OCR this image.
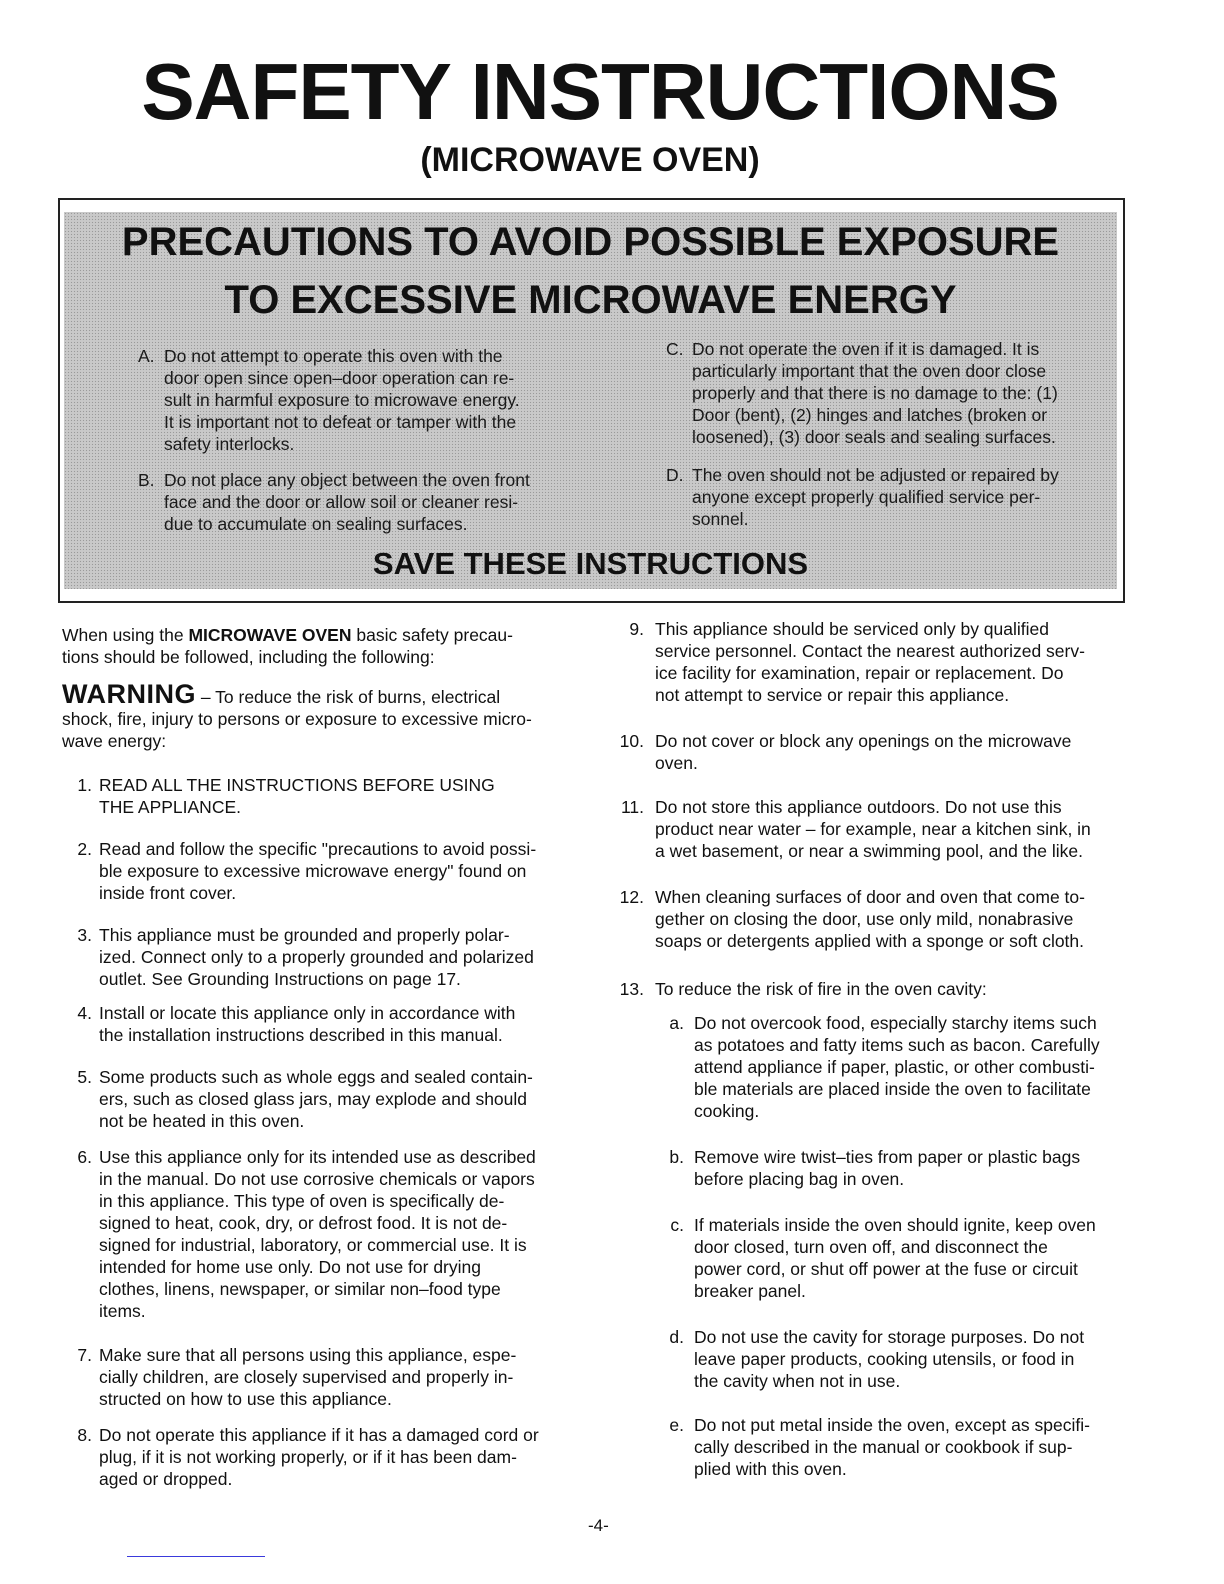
SAFETY INSTRUCTIONS
(MICROWAVE OVEN)
PRECAUTIONS TO AVOID POSSIBLE EXPOSURE
TO EXCESSIVE MICROWAVE ENERGY
A. Do not attempt to operate this oven with the
door open since open–door operation can re-
sult in harmful exposure to microwave energy.
It is important not to defeat or tamper with the
safety interlocks.
B. Do not place any object between the oven front
face and the door or allow soil or cleaner resi-
due to accumulate on sealing surfaces.
C. Do not operate the oven if it is damaged. It is
particularly important that the oven door close
properly and that there is no damage to the: (1)
Door (bent), (2) hinges and latches (broken or
loosened), (3) door seals and sealing surfaces.
D. The oven should not be adjusted or repaired by
anyone except properly qualified service per-
sonnel.
SAVE THESE INSTRUCTIONS

When using the MICROWAVE OVEN basic safety precau-

tions should be followed, including the following:

WARNING – To reduce the risk of burns, electrical

shock, fire, injury to persons or exposure to excessive micro-

wave energy:

1. READ ALL THE INSTRUCTIONS BEFORE USING
THE APPLIANCE.
2. Read and follow the specific "precautions to avoid possi-
ble exposure to excessive microwave energy" found on
inside front cover.
3. This appliance must be grounded and properly polar-
ized. Connect only to a properly grounded and polarized
outlet. See Grounding Instructions on page 17.
4. Install or locate this appliance only in accordance with
the installation instructions described in this manual.
5. Some products such as whole eggs and sealed contain-
ers, such as closed glass jars, may explode and should
not be heated in this oven.
6. Use this appliance only for its intended use as described
in the manual. Do not use corrosive chemicals or vapors
in this appliance. This type of oven is specifically de-
signed to heat, cook, dry, or defrost food. It is not de-
signed for industrial, laboratory, or commercial use. It is
intended for home use only. Do not use for drying
clothes, linens, newspaper, or similar non–food type
items.
7. Make sure that all persons using this appliance, espe-
cially children, are closely supervised and properly in-
structed on how to use this appliance.
8. Do not operate this appliance if it has a damaged cord or
plug, if it is not working properly, or if it has been dam-
aged or dropped.
9. This appliance should be serviced only by qualified
service personnel. Contact the nearest authorized serv-
ice facility for examination, repair or replacement. Do
not attempt to service or repair this appliance.
10. Do not cover or block any openings on the microwave
oven.
11. Do not store this appliance outdoors. Do not use this
product near water – for example, near a kitchen sink, in
a wet basement, or near a swimming pool, and the like.
12. When cleaning surfaces of door and oven that come to-
gether on closing the door, use only mild, nonabrasive
soaps or detergents applied with a sponge or soft cloth.
13. To reduce the risk of fire in the oven cavity:
a. Do not overcook food, especially starchy items such
as potatoes and fatty items such as bacon. Carefully
attend appliance if paper, plastic, or other combusti-
ble materials are placed inside the oven to facilitate
cooking.
b. Remove wire twist–ties from paper or plastic bags
before placing bag in oven.
c. If materials inside the oven should ignite, keep oven
door closed, turn oven off, and disconnect the
power cord, or shut off power at the fuse or circuit
breaker panel.
d. Do not use the cavity for storage purposes. Do not
leave paper products, cooking utensils, or food in
the cavity when not in use.
e. Do not put metal inside the oven, except as specifi-
cally described in the manual or cookbook if sup-
plied with this oven.
-4-
